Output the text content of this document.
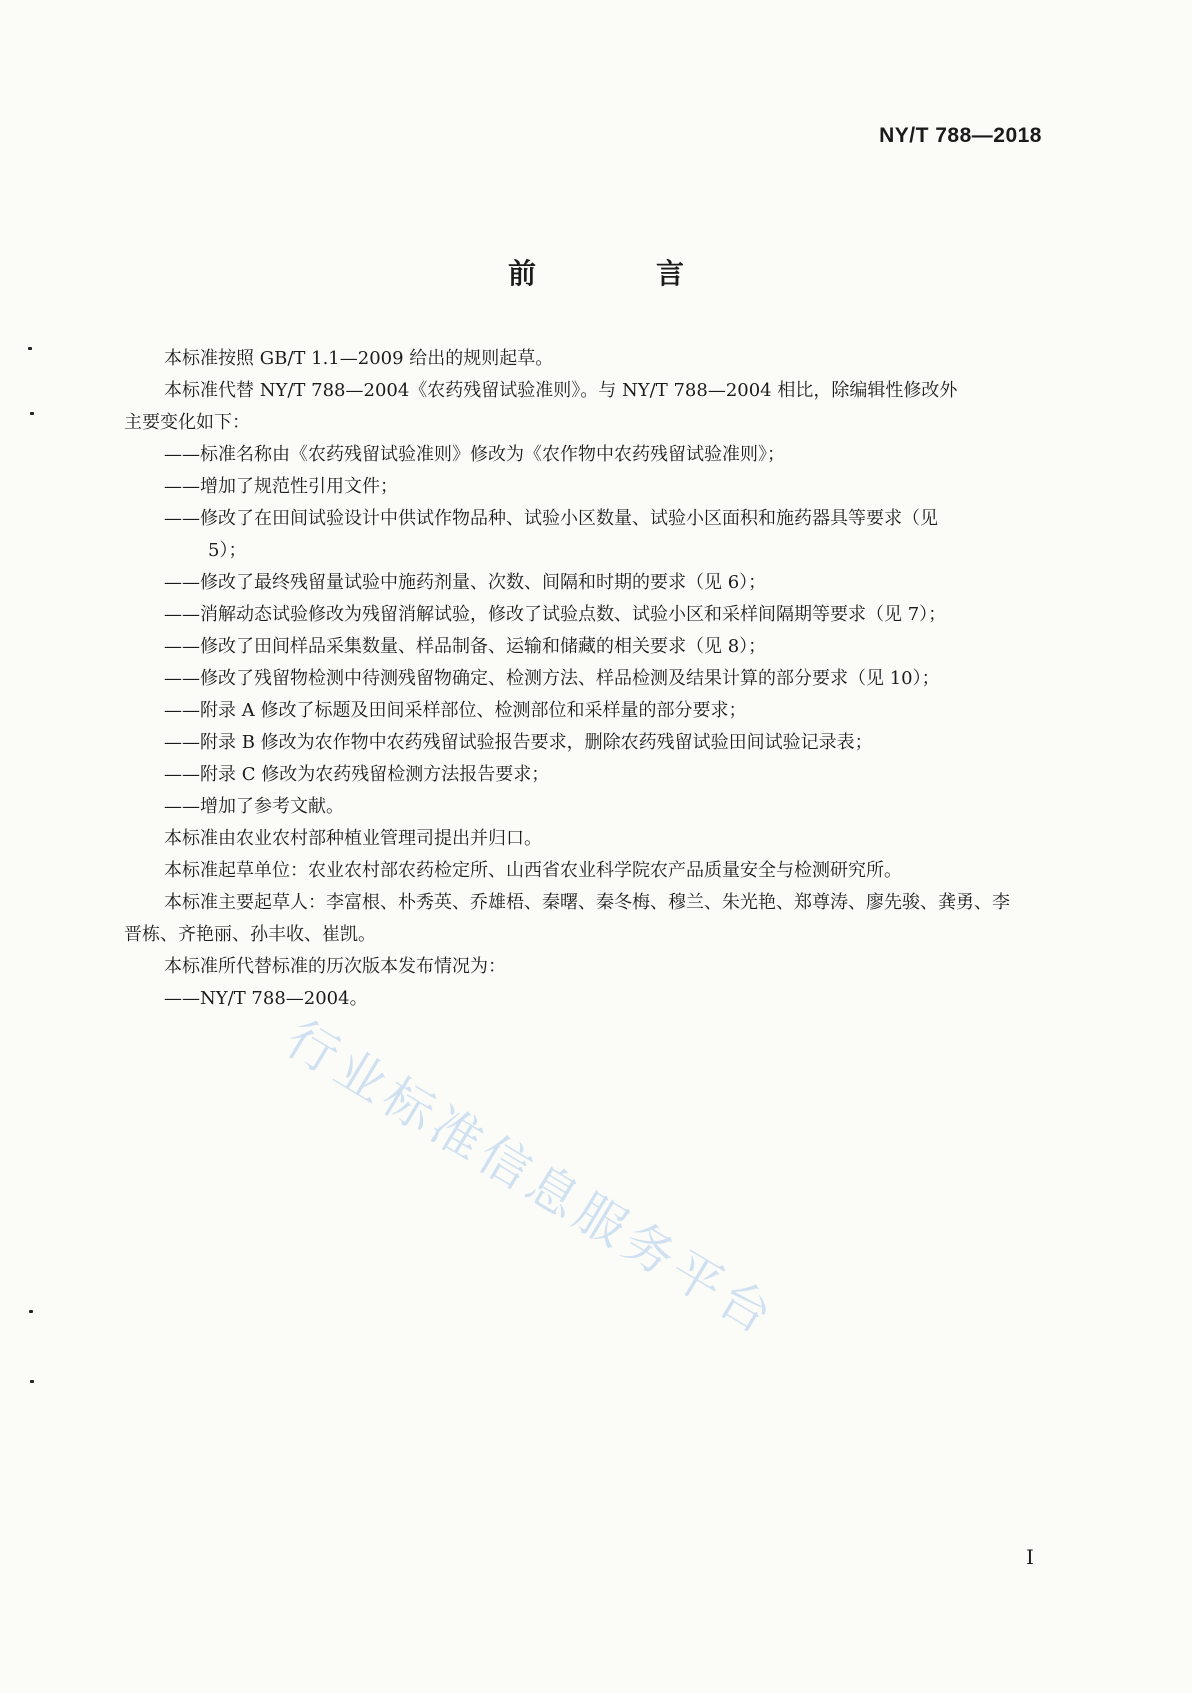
NY/T 788—2018
前　言

本标准按照 GB/T 1.1—2009 给出的规则起草。

本标准代替 NY/T 788—2004《农药残留试验准则》。与 NY/T 788—2004 相比，除编辑性修改外

主要变化如下：

——标准名称由《农药残留试验准则》修改为《农作物中农药残留试验准则》；

——增加了规范性引用文件；

——修改了在田间试验设计中供试作物品种、试验小区数量、试验小区面积和施药器具等要求（见

5）；

——修改了最终残留量试验中施药剂量、次数、间隔和时期的要求（见 6）；

——消解动态试验修改为残留消解试验，修改了试验点数、试验小区和采样间隔期等要求（见 7）；

——修改了田间样品采集数量、样品制备、运输和储藏的相关要求（见 8）；

——修改了残留物检测中待测残留物确定、检测方法、样品检测及结果计算的部分要求（见 10）；

——附录 A 修改了标题及田间采样部位、检测部位和采样量的部分要求；

——附录 B 修改为农作物中农药残留试验报告要求，删除农药残留试验田间试验记录表；

——附录 C 修改为农药残留检测方法报告要求；

——增加了参考文献。

本标准由农业农村部种植业管理司提出并归口。

本标准起草单位：农业农村部农药检定所、山西省农业科学院农产品质量安全与检测研究所。

本标准主要起草人：李富根、朴秀英、乔雄梧、秦曙、秦冬梅、穆兰、朱光艳、郑尊涛、廖先骏、龚勇、李

晋栋、齐艳丽、孙丰收、崔凯。

本标准所代替标准的历次版本发布情况为：

——NY/T 788—2004。

行业标准信息服务平台
I
